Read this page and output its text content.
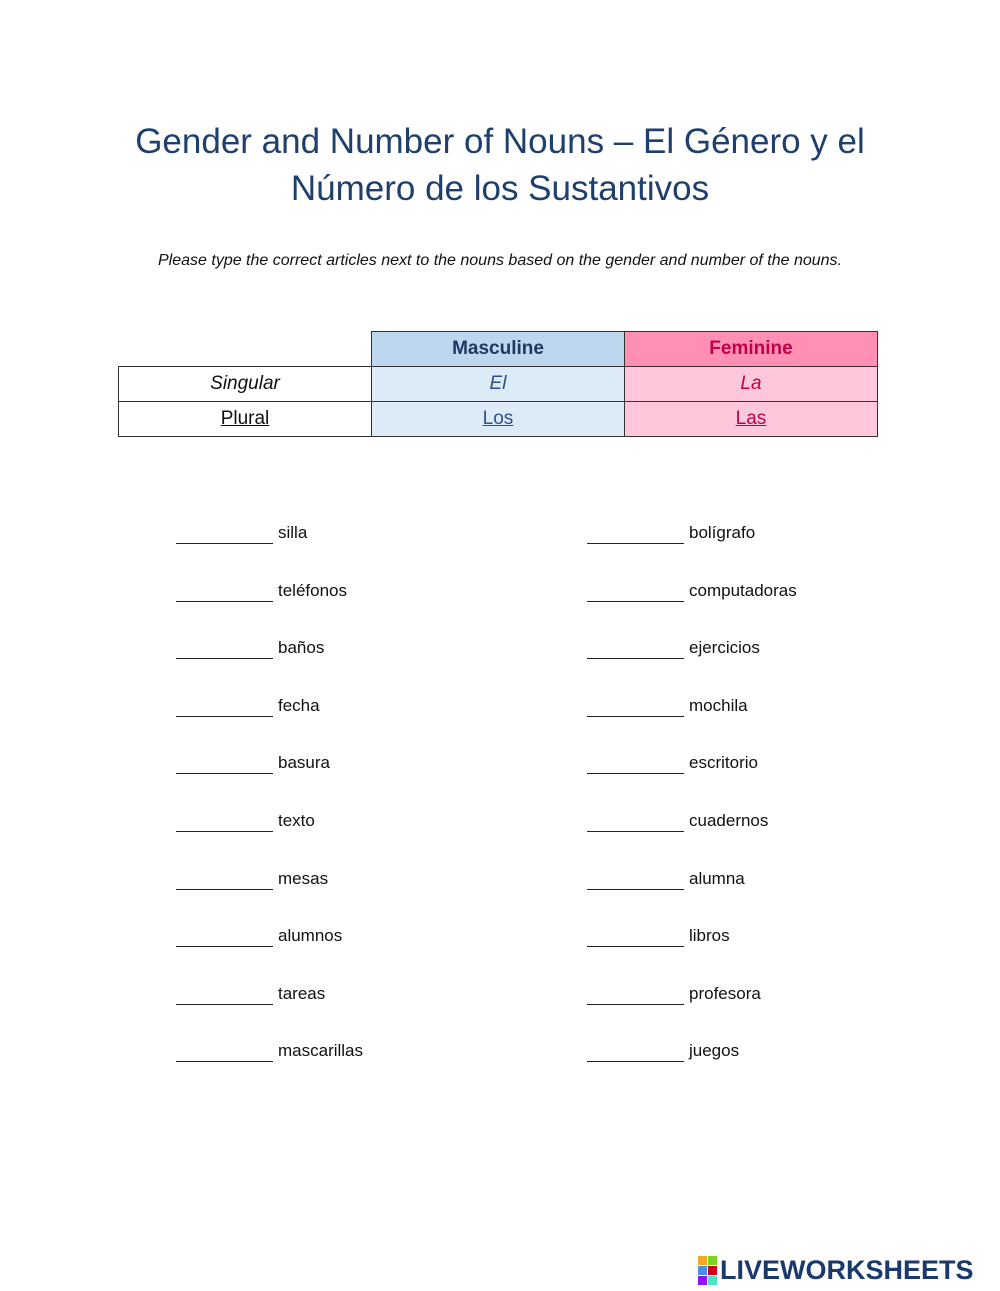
Gender and Number of Nouns – El Género y el Número de los Sustantivos
Please type the correct articles next to the nouns based on the gender and number of the nouns.
	Masculine	Feminine
Singular	El	La
Plural	Los	Las
silla
teléfonos
baños
fecha
basura
texto
mesas
alumnos
tareas
mascarillas
bolígrafo
computadoras
ejercicios
mochila
escritorio
cuadernos
alumna
libros
profesora
juegos
LIVEWORKSHEETS
